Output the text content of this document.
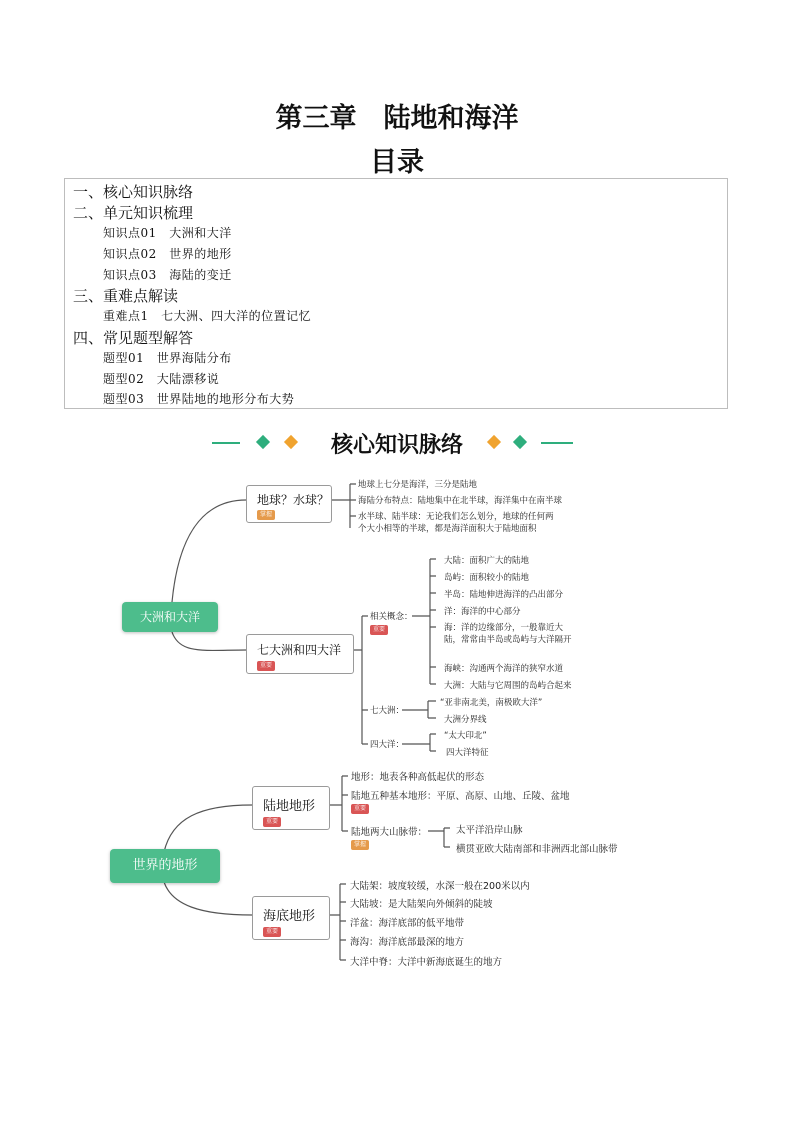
第三章　陆地和海洋
目录
一、核心知识脉络
二、单元知识梳理
知识点01　大洲和大洋
知识点02　世界的地形
知识点03　海陆的变迁
三、重难点解读
重难点1　七大洲、四大洋的位置记忆
四、常见题型解答
题型01　世界海陆分布
题型02　大陆漂移说
题型03　世界陆地的地形分布大势
核心知识脉络
大洲和大洋
地球？水球？
掌握
地球上七分是海洋，三分是陆地
海陆分布特点：陆地集中在北半球，海洋集中在南半球
水半球、陆半球：无论我们怎么划分，地球的任何两
个大小相等的半球，都是海洋面积大于陆地面积
七大洲和四大洋
重要
相关概念：
重要
大陆：面积广大的陆地
岛屿：面积较小的陆地
半岛：陆地伸进海洋的凸出部分
洋：海洋的中心部分
海：洋的边缘部分，一般靠近大
陆，常常由半岛或岛屿与大洋隔开
海峡：沟通两个海洋的狭窄水道
大洲：大陆与它周围的岛屿合起来
七大洲：
“亚非南北美，南极欧大洋”
大洲分界线
四大洋：
“太大印北”
四大洋特征
世界的地形
陆地地形
重要
地形：地表各种高低起伏的形态
陆地五种基本地形：平原、高原、山地、丘陵、盆地
重要
陆地两大山脉带：
掌握
太平洋沿岸山脉
横贯亚欧大陆南部和非洲西北部山脉带
海底地形
重要
大陆架：坡度较缓，水深一般在200米以内
大陆坡：是大陆架向外倾斜的陡坡
洋盆：海洋底部的低平地带
海沟：海洋底部最深的地方
大洋中脊：大洋中新海底诞生的地方
